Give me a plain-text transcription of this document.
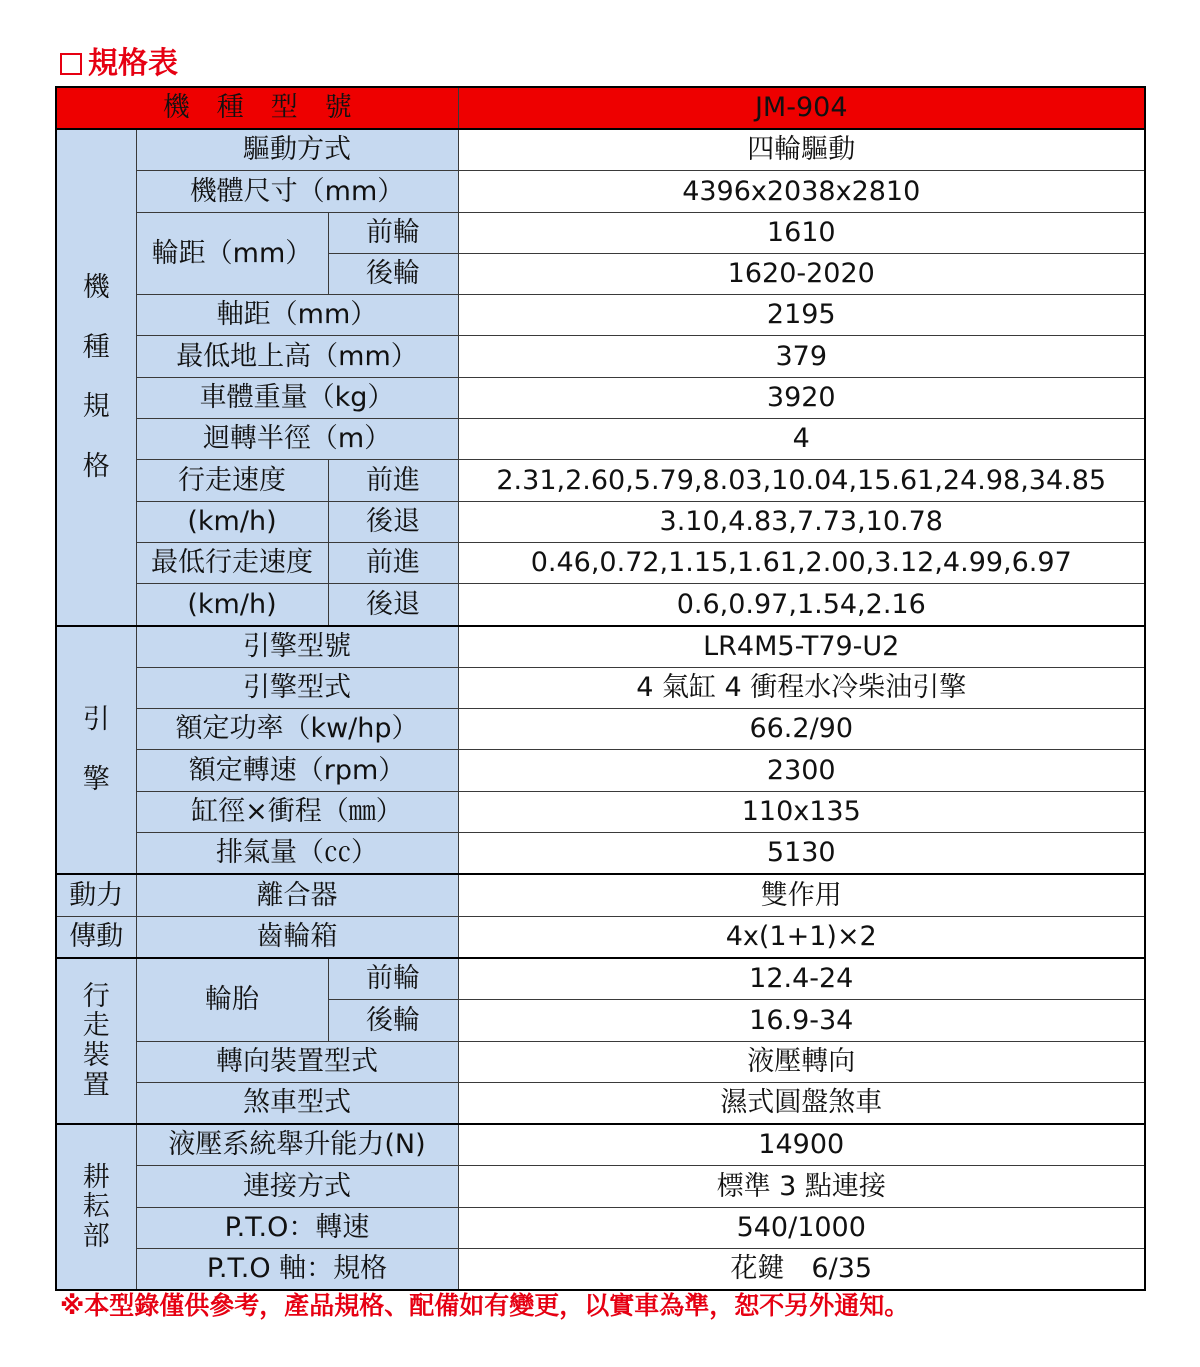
規格表
機　種　型　號			JM-904

機

種

規

格	驅動方式		四輪驅動
	機體尺寸（mm）		4396x2038x2810
	輪距（mm）	前輪	1610
		後輪	1620-2020
	軸距（mm）		2195
	最低地上高（mm）		379
	車體重量（kg）		3920
	迴轉半徑（m）		4
	行走速度	前進	2.31,2.60,5.79,8.03,10.04,15.61,24.98,34.85
	(km/h)	後退	3.10,4.83,7.73,10.78
	最低行走速度	前進	0.46,0.72,1.15,1.61,2.00,3.12,4.99,6.97
	(km/h)	後退	0.6,0.97,1.54,2.16

引

擎	引擎型號		LR4M5-T79-U2
	引擎型式		4 氣缸 4 衝程水冷柴油引擎
	額定功率（kw/hp）		66.2/90
	額定轉速（rpm）		2300
	缸徑×衝程（㎜）		110x135
	排氣量（㏄）		5130
動力	離合器		雙作用
傳動	齒輪箱		4x(1+1)×2

行
走
裝
置	輪胎	前輪	12.4-24
		後輪	16.9-34
	轉向裝置型式		液壓轉向
	煞車型式		濕式圓盤煞車

耕
耘
部	液壓系統舉升能力(N)		14900
	連接方式		標準 3 點連接
	P.T.O：轉速		540/1000
	P.T.O 軸：規格		花鍵　6/35
※本型錄僅供參考，產品規格、配備如有變更，以實車為準，恕不另外通知。
